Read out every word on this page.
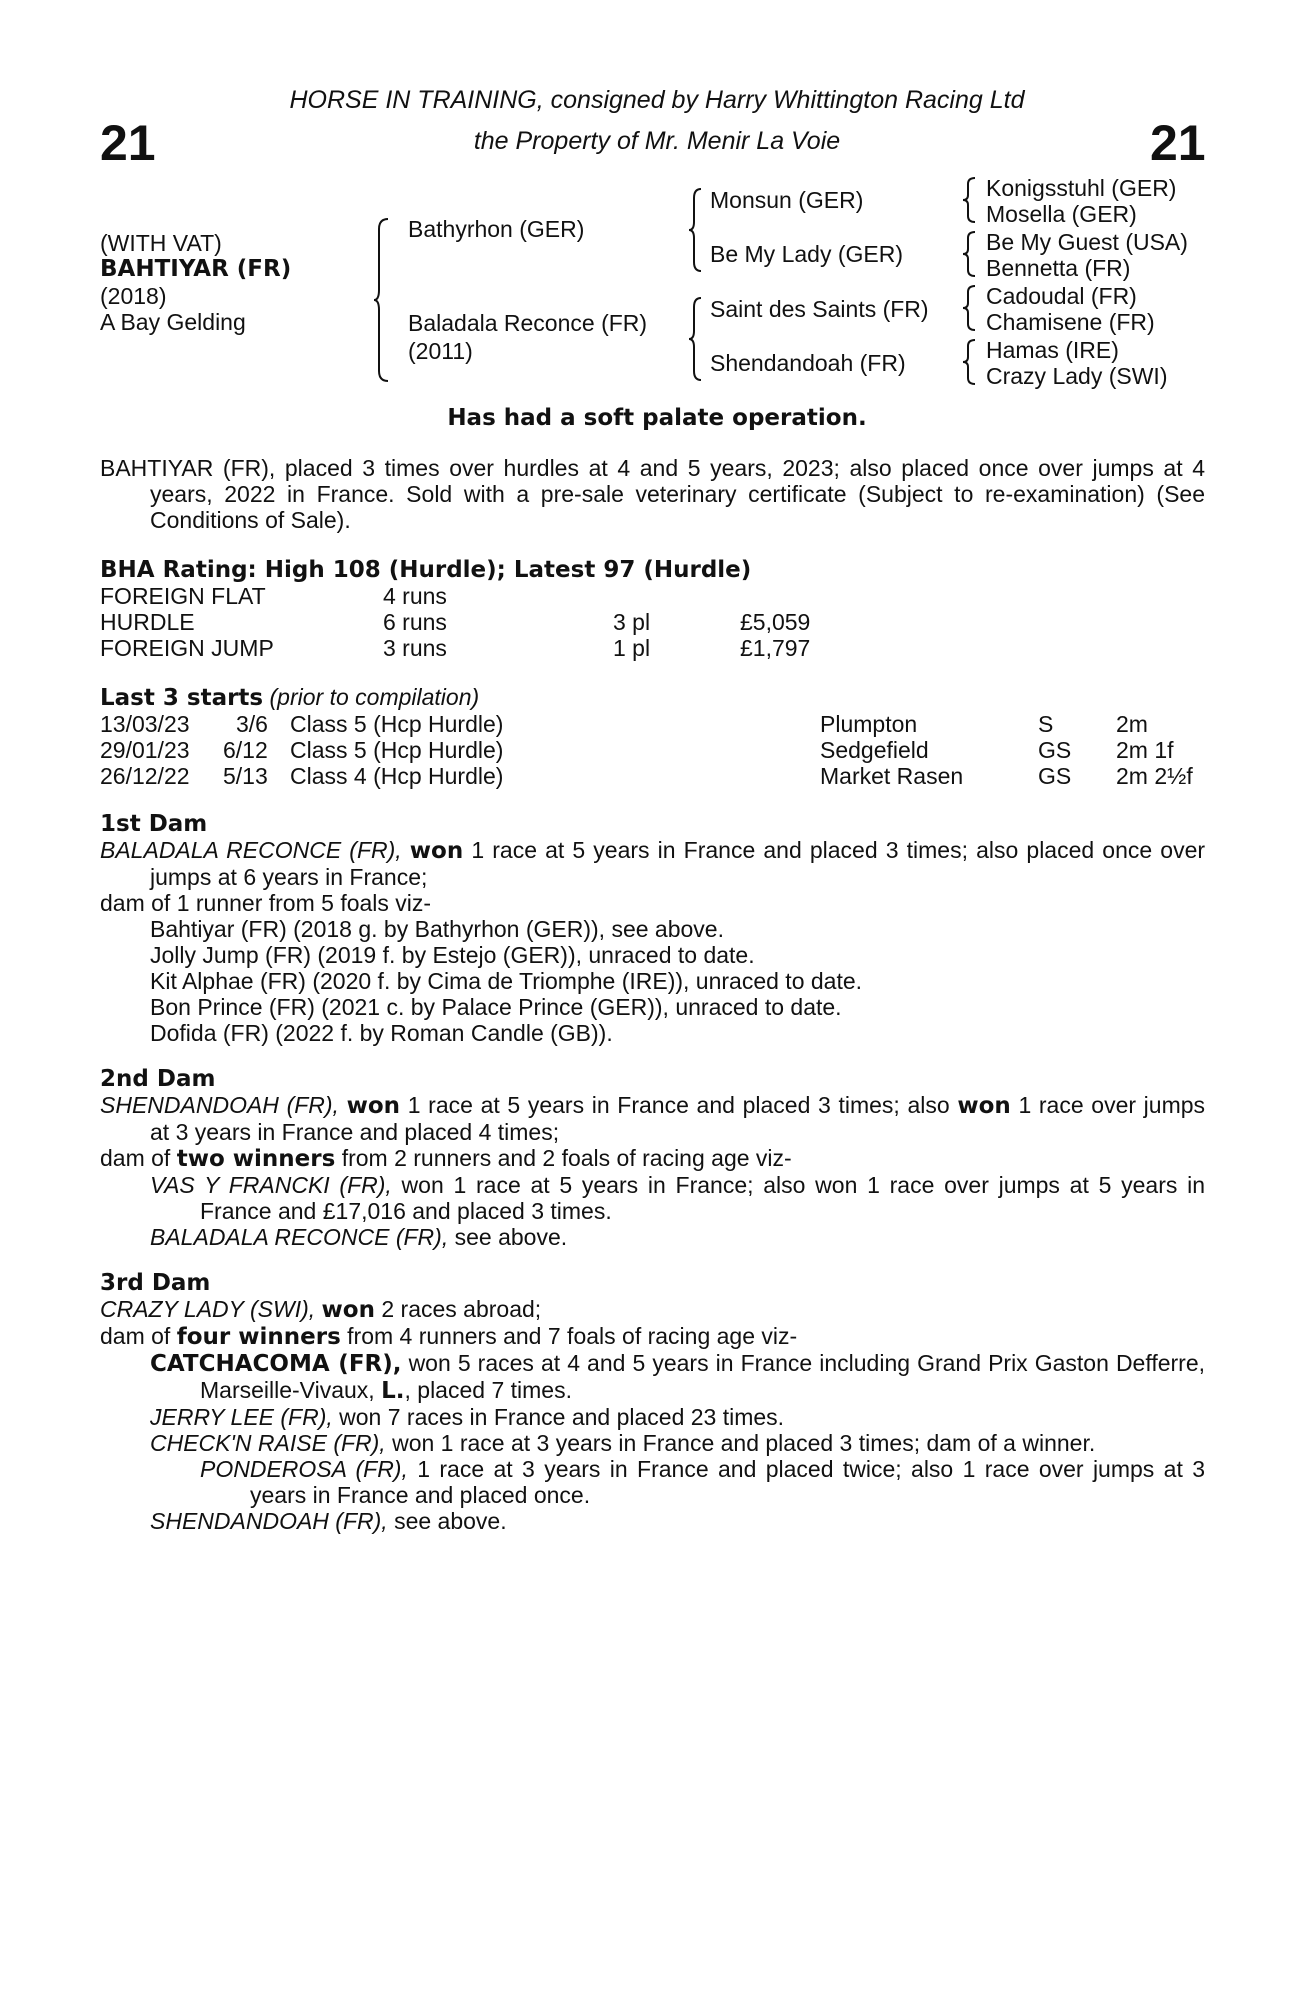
21	21
HORSE IN TRAINING, consigned by Harry Whittington Racing Ltd
the Property of Mr. Menir La Voie
(WITH VAT)
BAHTIYAR (FR)
(2018)
A Bay Gelding
Bathyrhon (GER)
Baladala Reconce (FR)
(2011)
Monsun (GER)
Be My Lady (GER)
Saint des Saints (FR)
Shendandoah (FR)
Konigsstuhl (GER)
Mosella (GER)
Be My Guest (USA)
Bennetta (FR)
Cadoudal (FR)
Chamisene (FR)
Hamas (IRE)
Crazy Lady (SWI)
Has had a soft palate operation.

BAHTIYAR (FR), placed 3 times over hurdles at 4 and 5 years, 2023; also placed once over jumps at 4 years, 2022 in France. Sold with a pre-sale veterinary certificate (Subject to re-examination) (See Conditions of Sale).

BHA Rating: High 108 (Hurdle); Latest 97 (Hurdle)

FOREIGN FLAT	4 runs
HURDLE	6 runs	3 pl	£5,059
FOREIGN JUMP	3 runs	1 pl	£1,797

Last 3 starts (prior to compilation)

13/03/23 3/6 Class 5 (Hcp Hurdle)	Plumpton	S	2m
29/01/23 6/12 Class 5 (Hcp Hurdle)	Sedgefield	GS 2m 1f
26/12/22 5/13 Class 4 (Hcp Hurdle)	Market Rasen	GS 2m 2½f

1st Dam

BALADALA RECONCE (FR), won 1 race at 5 years in France and placed 3 times; also placed once over jumps at 6 years in France;

dam of 1 runner from 5 foals viz-

Bahtiyar (FR) (2018 g. by Bathyrhon (GER)), see above.

Jolly Jump (FR) (2019 f. by Estejo (GER)), unraced to date.

Kit Alphae (FR) (2020 f. by Cima de Triomphe (IRE)), unraced to date.

Bon Prince (FR) (2021 c. by Palace Prince (GER)), unraced to date.

Dofida (FR) (2022 f. by Roman Candle (GB)).

2nd Dam

SHENDANDOAH (FR), won 1 race at 5 years in France and placed 3 times; also won 1 race over jumps at 3 years in France and placed 4 times;

dam of two winners from 2 runners and 2 foals of racing age viz-

VAS Y FRANCKI (FR), won 1 race at 5 years in France; also won 1 race over jumps at 5 years in France and £17,016 and placed 3 times.

BALADALA RECONCE (FR), see above.

3rd Dam

CRAZY LADY (SWI), won 2 races abroad;

dam of four winners from 4 runners and 7 foals of racing age viz-

CATCHACOMA (FR), won 5 races at 4 and 5 years in France including Grand Prix Gaston Defferre, Marseille-Vivaux, L., placed 7 times.

JERRY LEE (FR), won 7 races in France and placed 23 times.

CHECK'N RAISE (FR), won 1 race at 3 years in France and placed 3 times; dam of a winner.

PONDEROSA (FR), 1 race at 3 years in France and placed twice; also 1 race over jumps at 3 years in France and placed once.

SHENDANDOAH (FR), see above.
